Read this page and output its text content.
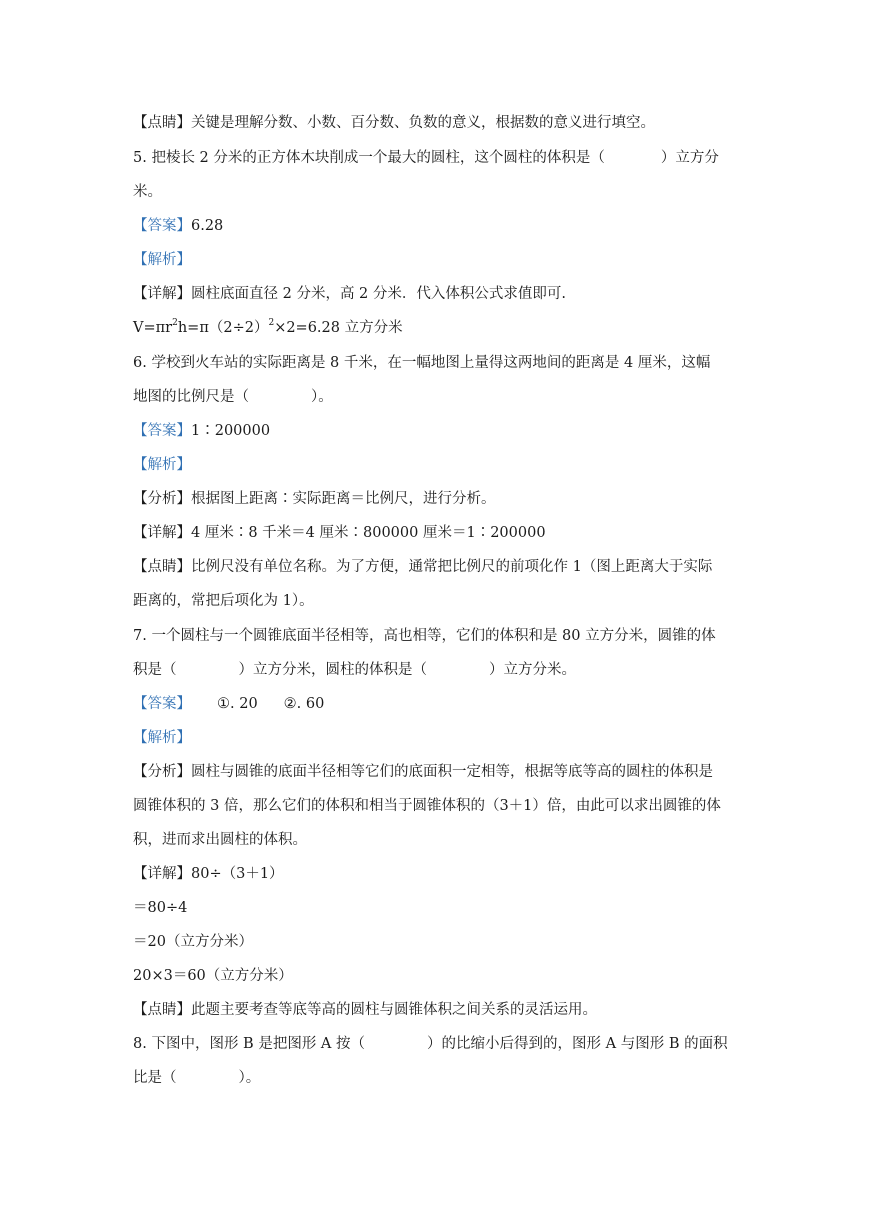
【点睛】关键是理解分数、小数、百分数、负数的意义，根据数的意义进行填空。
5. 把棱长 2 分米的正方体木块削成一个最大的圆柱，这个圆柱的体积是（	）立方分
米。
【答案】6.28
【解析】
【详解】圆柱底面直径 2 分米，高 2 分米．代入体积公式求值即可.
$V=\pi r^2h=\pi(2\div 2)^2\times 2=6.28$ 立方分米
6. 学校到火车站的实际距离是 8 千米，在一幅地图上量得这两地间的距离是 4 厘米，这幅
地图的比例尺是（	）。
【答案】1∶200000
【解析】
【分析】根据图上距离∶实际距离＝比例尺，进行分析。
【详解】4 厘米∶8 千米＝4 厘米∶800000 厘米＝1∶200000
【点睛】比例尺没有单位名称。为了方便，通常把比例尺的前项化作 1（图上距离大于实际
距离的，常把后项化为 1）。
7. 一个圆柱与一个圆锥底面半径相等，高也相等，它们的体积和是 80 立方分米，圆锥的体
积是（	）立方分米，圆柱的体积是（	）立方分米。
【答案】 ①. 20 ②. 60
【解析】
【分析】圆柱与圆锥的底面半径相等它们的底面积一定相等，根据等底等高的圆柱的体积是
圆锥体积的 3 倍，那么它们的体积和相当于圆锥体积的（3＋1）倍，由此可以求出圆锥的体
积，进而求出圆柱的体积。
【详解】80÷（3＋1）
＝80÷4
＝20（立方分米）
20×3＝60（立方分米）
【点睛】此题主要考查等底等高的圆柱与圆锥体积之间关系的灵活运用。
8. 下图中，图形 B 是把图形 A 按（	）的比缩小后得到的，图形 A 与图形 B 的面积
比是（	）。
